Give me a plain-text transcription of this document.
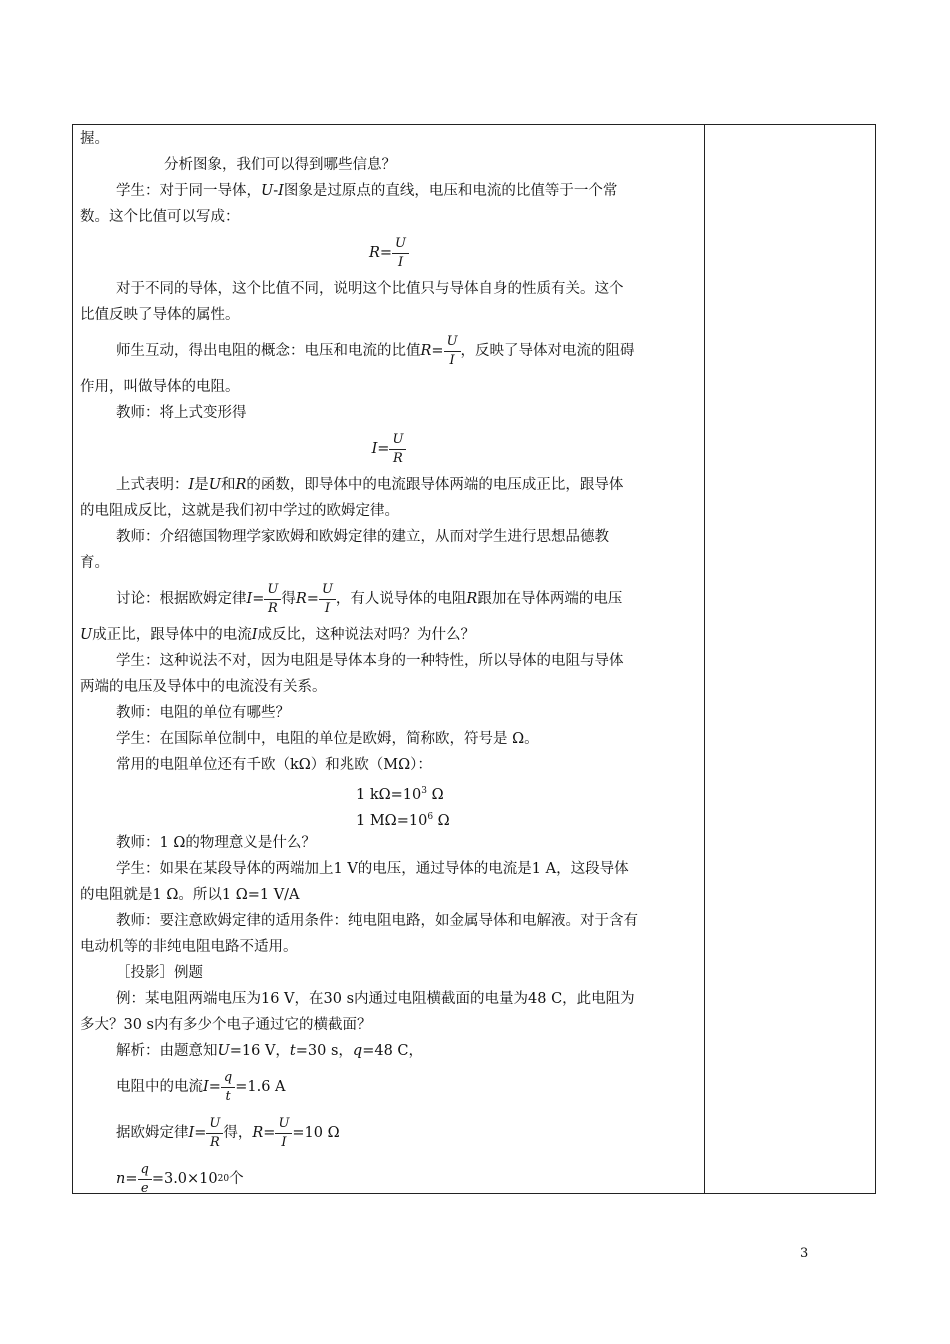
握。
分析图象，我们可以得到哪些信息？
学生：对于同一导体，U-I图象是过原点的直线，电压和电流的比值等于一个常
数。这个比值可以写成：
$R = \frac{U}{I}$
对于不同的导体，这个比值不同，说明这个比值只与导体自身的性质有关。这个
比值反映了导体的属性。
师生互动，得出电阻的概念：电压和电流的比值 $R = \frac{U}{I}$ ，反映了导体对电流的阻碍
作用，叫做导体的电阻。
教师：将上式变形得
$I = \frac{U}{R}$
上式表明：I是U和R的函数，即导体中的电流跟导体两端的电压成正比，跟导体
的电阻成反比，这就是我们初中学过的欧姆定律。
教师：介绍德国物理学家欧姆和欧姆定律的建立，从而对学生进行思想品德教
育。
讨论：根据欧姆定律 $I = \frac{U}{R}$ 得 $R = \frac{U}{I}$ ，有人说导体的电阻 R 跟加在导体两端的电压
U成正比，跟导体中的电流I成反比，这种说法对吗？为什么？
学生：这种说法不对，因为电阻是导体本身的一种特性，所以导体的电阻与导体
两端的电压及导体中的电流没有关系。
教师：电阻的单位有哪些？
学生：在国际单位制中，电阻的单位是欧姆，简称欧，符号是 Ω。
常用的电阻单位还有千欧（kΩ）和兆欧（MΩ）：
1 $k\Omega=10^3$ Ω
1 $M\Omega=10^6$ Ω
教师：1 Ω的物理意义是什么？
学生：如果在某段导体的两端加上1 V的电压，通过导体的电流是1 A，这段导体
的电阻就是1 Ω。所以1 Ω=1 V/A
教师：要注意欧姆定律的适用条件：纯电阻电路，如金属导体和电解液。对于含有
电动机等的非纯电阻电路不适用。
［投影］例题
例：某电阻两端电压为16 V，在30 s内通过电阻横截面的电量为48 C，此电阻为
多大？30 s内有多少个电子通过它的横截面？
解析：由题意知U=16 V，t=30 s，q=48 C，
电阻中的电流 $I = \frac{q}{t} =1.6$ A
据欧姆定律 $I = \frac{U}{R}$ 得， $R = \frac{U}{I} =10$ Ω
$n = \frac{q}{e} =3.0\times 10$ 20 个
3
